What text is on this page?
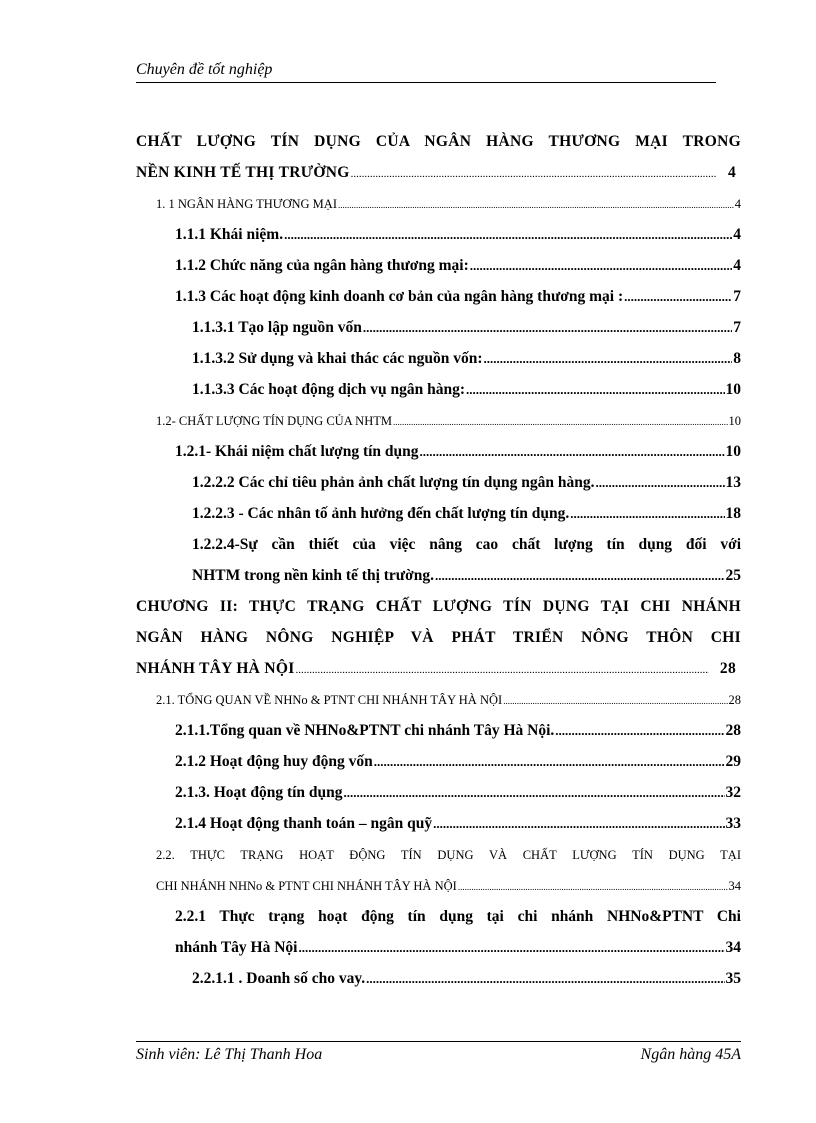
Chuyên đề tốt nghiệp
CHẤT LƯỢNG TÍN DỤNG CỦA NGÂN HÀNG THƯƠNG MẠI TRONG
NỀN KINH TẾ THỊ TRƯỜNG .....	4
1. 1 NGÂN HÀNG THƯƠNG MẠI .....	4
1.1.1 Khái niệm. .....	4
1.1.2 Chức năng của ngân hàng thương mại: .....	4
1.1.3 Các hoạt động kinh doanh cơ bản của ngân hàng thương mại : .....	7
1.1.3.1 Tạo lập nguồn vốn .....	7
1.1.3.2 Sử dụng và khai thác các nguồn vốn: .....	8
1.1.3.3 Các hoạt động dịch vụ ngân hàng: .....	10
1.2- CHẤT LƯỢNG TÍN DỤNG CỦA NHTM .....	10
1.2.1- Khái niệm chất lượng tín dụng .....	10
1.2.2.2 Các chỉ tiêu phản ảnh chất lượng tín dụng ngân hàng. .....	13
1.2.2.3 - Các nhân tố ảnh hưởng đến chất lượng tín dụng. .....	18
1.2.2.4-Sự cần thiết của việc nâng cao chất lượng tín dụng đối với
NHTM trong nền kinh tế thị trường. .....	25
CHƯƠNG II: THỰC TRẠNG CHẤT LƯỢNG TÍN DỤNG TẠI CHI NHÁNH
NGÂN HÀNG NÔNG NGHIỆP VÀ PHÁT TRIỂN NÔNG THÔN CHI
NHÁNH TÂY HÀ NỘI .....	28
2.1. TỔNG QUAN VỀ NHNo & PTNT CHI NHÁNH TÂY HÀ NỘI .....	28
2.1.1.Tổng quan về NHNo&PTNT chi nhánh Tây Hà Nội. .....	28
2.1.2 Hoạt động huy động vốn .....	29
2.1.3. Hoạt động tín dụng .....	32
2.1.4 Hoạt động thanh toán – ngân quỹ .....	33
2.2. THỰC TRẠNG HOẠT ĐỘNG TÍN DỤNG VÀ CHẤT LƯỢNG TÍN DỤNG TẠI
CHI NHÁNH NHNo & PTNT CHI NHÁNH TÂY HÀ NỘI .....	34
2.2.1 Thực trạng hoạt động tín dụng tại chi nhánh NHNo&PTNT Chi
nhánh Tây Hà Nội .....	34
2.2.1.1 . Doanh số cho vay. .....	35
Sinh viên: Lê Thị Thanh Hoa	Ngân hàng 45A
